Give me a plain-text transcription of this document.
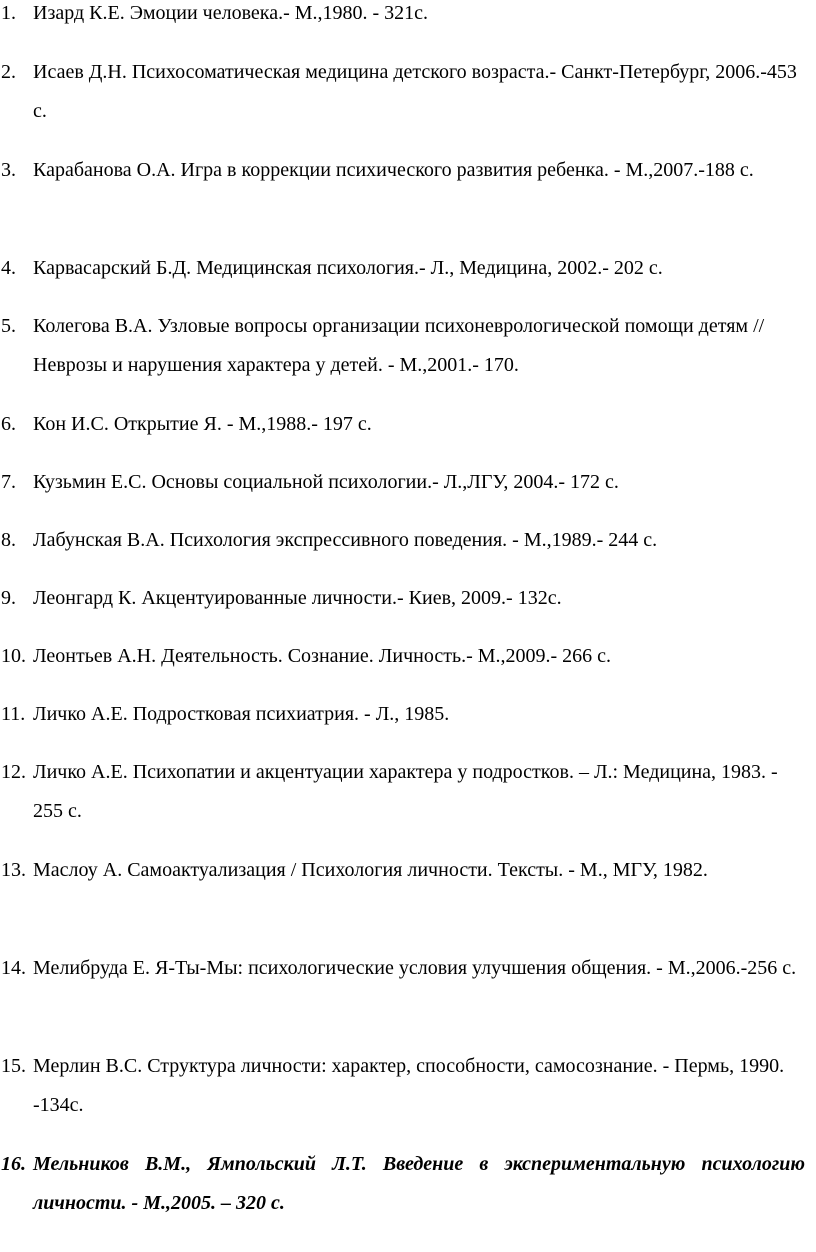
1. Изард К.Е. Эмоции человека.- М.,1980. - 321с.
2. Исаев Д.Н. Психосоматическая медицина детского возраста.- Санкт-Петербург, 2006.-453 с.
3. Карабанова О.А. Игра в коррекции психического развития ребенка. - М.,2007.-188 с.
4. Карвасарский Б.Д. Медицинская психология.- Л., Медицина, 2002.- 202 с.
5. Колегова В.А. Узловые вопросы организации психоневрологической помощи детям // Неврозы и нарушения характера у детей. - М.,2001.- 170.
6. Кон И.С. Открытие Я. - М.,1988.- 197 с.
7. Кузьмин Е.С. Основы социальной психологии.- Л.,ЛГУ, 2004.- 172 с.
8. Лабунская В.А. Психология экспрессивного поведения. - М.,1989.- 244 с.
9. Леонгард К. Акцентуированные личности.- Киев, 2009.- 132с.
10. Леонтьев А.Н. Деятельность. Сознание. Личность.- М.,2009.- 266 с.
11. Личко А.Е. Подростковая психиатрия. - Л., 1985.
12. Личко А.Е. Психопатии и акцентуации характера у подростков. – Л.: Медицина, 1983. - 255 с.
13. Маслоу А. Самоактуализация / Психология личности. Тексты. - М., МГУ, 1982.
14. Мелибруда Е. Я-Ты-Мы: психологические условия улучшения общения. - М.,2006.-256 с.
15. Мерлин В.С. Структура личности: характер, способности, самосознание. - Пермь, 1990. -134с.
16. Мельников В.М., Ямпольский Л.Т. Введение в экспериментальную психологию личности. - М.,2005. – 320 с.
